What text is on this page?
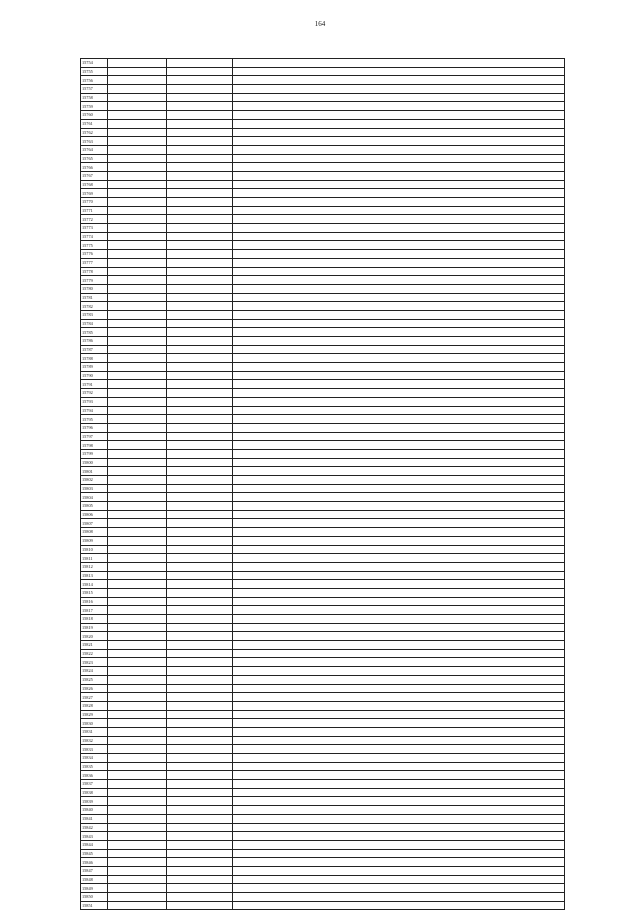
164
15754			
15755			
15756			
15757			
15758			
15759			
15760			
15761			
15762			
15763			
15764			
15765			
15766			
15767			
15768			
15769			
15770			
15771			
15772			
15773			
15774			
15775			
15776			
15777			
15778			
15779			
15780			
15781			
15782			
15783			
15784			
15785			
15786			
15787			
15788			
15789			
15790			
15791			
15792			
15793			
15794			
15795			
15796			
15797			
15798			
15799			
15800			
15801			
15802			
15803			
15804			
15805			
15806			
15807			
15808			
15809			
15810			
15811			
15812			
15813			
15814			
15815			
15816			
15817			
15818			
15819			
15820			
15821			
15822			
15823			
15824			
15825			
15826			
15827			
15828			
15829			
15830			
15831			
15832			
15833			
15834			
15835			
15836			
15837			
15838			
15839			
15840			
15841			
15842			
15843			
15844			
15845			
15846			
15847			
15848			
15849			
15850			
15851			
